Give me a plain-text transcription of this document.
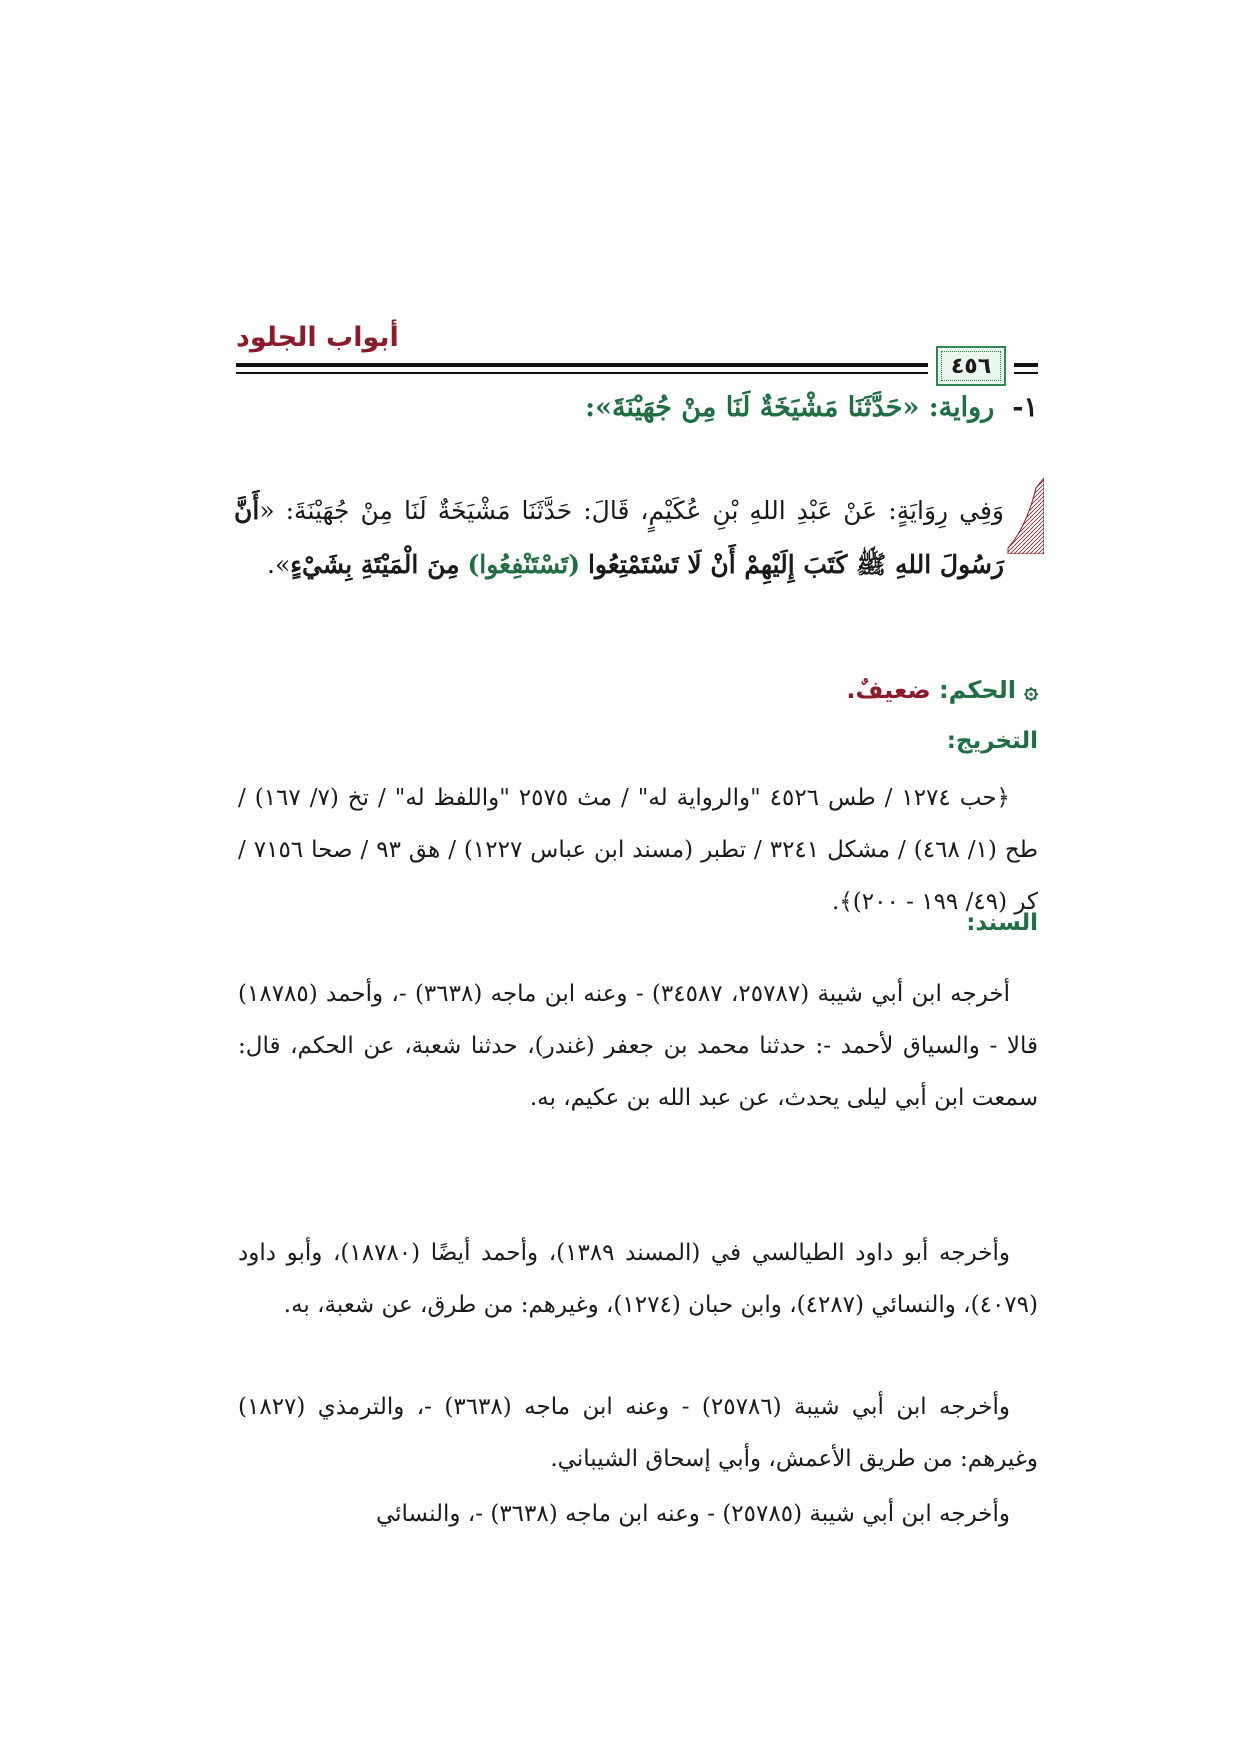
أبواب الجلود
٤٥٦
١-رواية: «حَدَّثَنَا مَشْيَخَةٌ لَنَا مِنْ جُهَيْنَةَ»:
وَفِي رِوَايَةٍ: عَنْ عَبْدِ اللهِ بْنِ عُكَيْمٍ، قَالَ: حَدَّثَنَا مَشْيَخَةٌ لَنَا مِنْ جُهَيْنَةَ: «أَنَّ رَسُولَ اللهِ ﷺ كَتَبَ إِلَيْهِمْ أَنْ لَا تَسْتَمْتِعُوا (تَسْتَنْفِعُوا) مِنَ الْمَيْتَةِ بِشَيْءٍ».
۞الحكم: ضعيفٌ.
التخريج:
﴿حب ١٢٧٤ / طس ٤٥٢٦ "والرواية له" / مث ٢٥٧٥ "واللفظ له" / تخ (٧/ ١٦٧) / طح (١/ ٤٦٨) / مشكل ٣٢٤١ / تطبر (مسند ابن عباس ١٢٢٧) / هق ٩٣ / صحا ٧١٥٦ / كر (٤٩/ ١٩٩ - ٢٠٠)﴾.
السند:
أخرجه ابن أبي شيبة (٢٥٧٨٧، ٣٤٥٨٧) - وعنه ابن ماجه (٣٦٣٨) -، وأحمد (١٨٧٨٥) قالا - والسياق لأحمد -: حدثنا محمد بن جعفر (غندر)، حدثنا شعبة، عن الحكم، قال: سمعت ابن أبي ليلى يحدث، عن عبد الله بن عكيم، به.
وأخرجه أبو داود الطيالسي في (المسند ١٣٨٩)، وأحمد أيضًا (١٨٧٨٠)، وأبو داود (٤٠٧٩)، والنسائي (٤٢٨٧)، وابن حبان (١٢٧٤)، وغيرهم: من طرق، عن شعبة، به.
وأخرجه ابن أبي شيبة (٢٥٧٨٦) - وعنه ابن ماجه (٣٦٣٨) -، والترمذي (١٨٢٧) وغيرهم: من طريق الأعمش، وأبي إسحاق الشيباني.
وأخرجه ابن أبي شيبة (٢٥٧٨٥) - وعنه ابن ماجه (٣٦٣٨) -، والنسائي
